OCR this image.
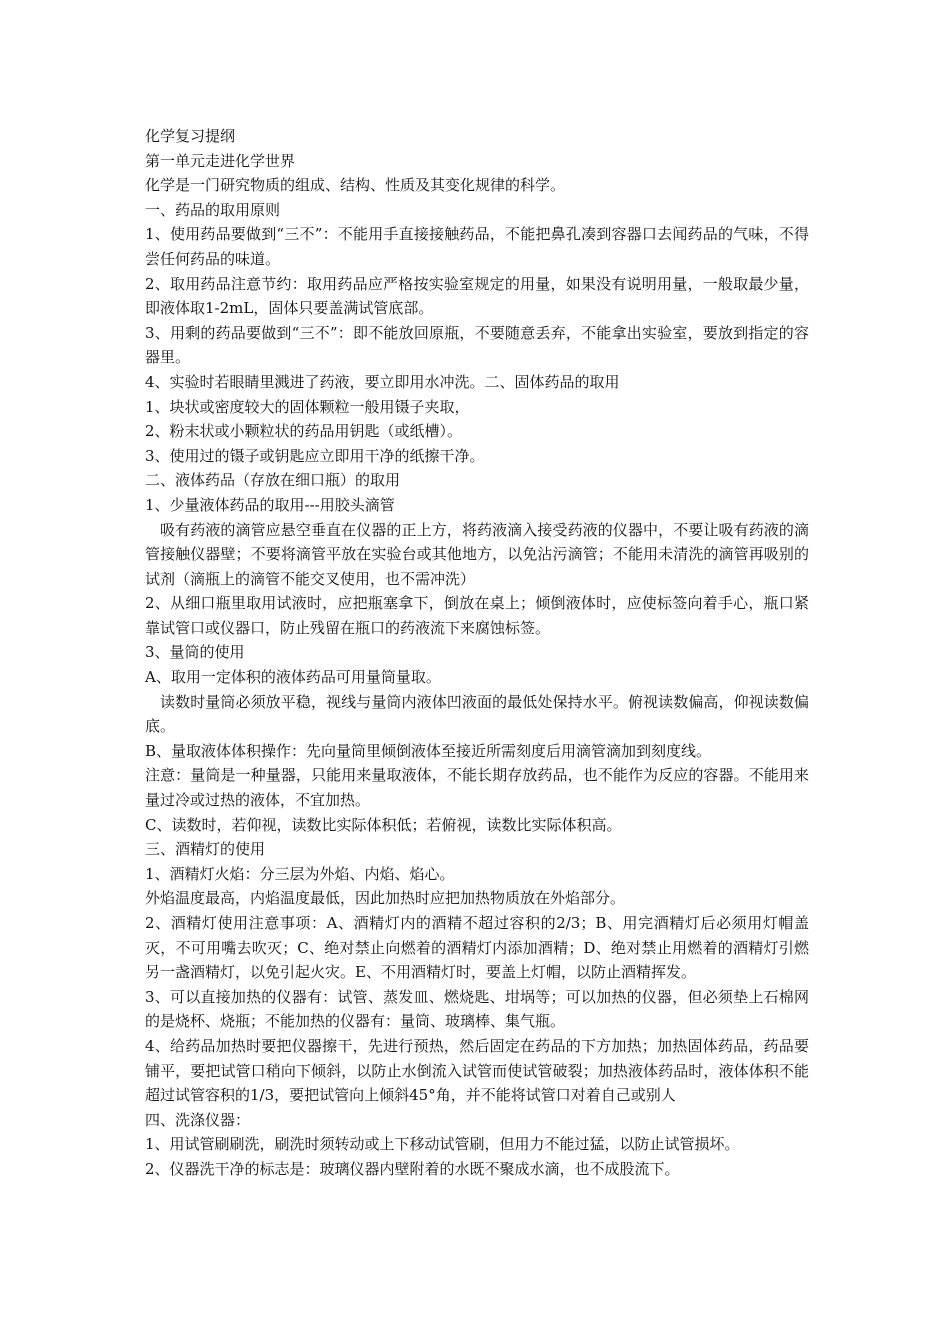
化学复习提纲

第一单元走进化学世界

化学是一门研究物质的组成、结构、性质及其变化规律的科学。

一、药品的取用原则

1、使用药品要做到“三不”：不能用手直接接触药品，不能把鼻孔凑到容器口去闻药品的气味，不得尝任何药品的味道。

2、取用药品注意节约：取用药品应严格按实验室规定的用量，如果没有说明用量，一般取最少量，即液体取1-2mL，固体只要盖满试管底部。

3、用剩的药品要做到“三不”：即不能放回原瓶，不要随意丢弃，不能拿出实验室，要放到指定的容器里。

4、实验时若眼睛里溅进了药液，要立即用水冲洗。二、固体药品的取用

1、块状或密度较大的固体颗粒一般用镊子夹取，

2、粉末状或小颗粒状的药品用钥匙（或纸槽）。

3、使用过的镊子或钥匙应立即用干净的纸擦干净。

二、液体药品（存放在细口瓶）的取用

1、少量液体药品的取用---用胶头滴管

吸有药液的滴管应悬空垂直在仪器的正上方，将药液滴入接受药液的仪器中，不要让吸有药液的滴管接触仪器壁；不要将滴管平放在实验台或其他地方，以免沾污滴管；不能用未清洗的滴管再吸别的试剂（滴瓶上的滴管不能交叉使用，也不需冲洗）

2、从细口瓶里取用试液时，应把瓶塞拿下，倒放在桌上；倾倒液体时，应使标签向着手心，瓶口紧靠试管口或仪器口，防止残留在瓶口的药液流下来腐蚀标签。

3、量筒的使用

A、取用一定体积的液体药品可用量筒量取。

读数时量筒必须放平稳，视线与量筒内液体凹液面的最低处保持水平。俯视读数偏高，仰视读数偏底。

B、量取液体体积操作：先向量筒里倾倒液体至接近所需刻度后用滴管滴加到刻度线。

注意：量筒是一种量器，只能用来量取液体，不能长期存放药品，也不能作为反应的容器。不能用来量过冷或过热的液体，不宜加热。

C、读数时，若仰视，读数比实际体积低；若俯视，读数比实际体积高。

三、酒精灯的使用

1、酒精灯火焰：分三层为外焰、内焰、焰心。

外焰温度最高，内焰温度最低，因此加热时应把加热物质放在外焰部分。

2、酒精灯使用注意事项：A、酒精灯内的酒精不超过容积的2/3；B、用完酒精灯后必须用灯帽盖灭，不可用嘴去吹灭；C、绝对禁止向燃着的酒精灯内添加酒精；D、绝对禁止用燃着的酒精灯引燃另一盏酒精灯，以免引起火灾。E、不用酒精灯时，要盖上灯帽，以防止酒精挥发。

3、可以直接加热的仪器有：试管、蒸发皿、燃烧匙、坩埚等；可以加热的仪器，但必须垫上石棉网的是烧杯、烧瓶；不能加热的仪器有：量筒、玻璃棒、集气瓶。

4、给药品加热时要把仪器擦干，先进行预热，然后固定在药品的下方加热；加热固体药品，药品要铺平，要把试管口稍向下倾斜，以防止水倒流入试管而使试管破裂；加热液体药品时，液体体积不能超过试管容积的1/3，要把试管向上倾斜45°角，并不能将试管口对着自己或别人

四、洗涤仪器：

1、用试管刷刷洗，刷洗时须转动或上下移动试管刷，但用力不能过猛，以防止试管损坏。

2、仪器洗干净的标志是：玻璃仪器内壁附着的水既不聚成水滴，也不成股流下。
